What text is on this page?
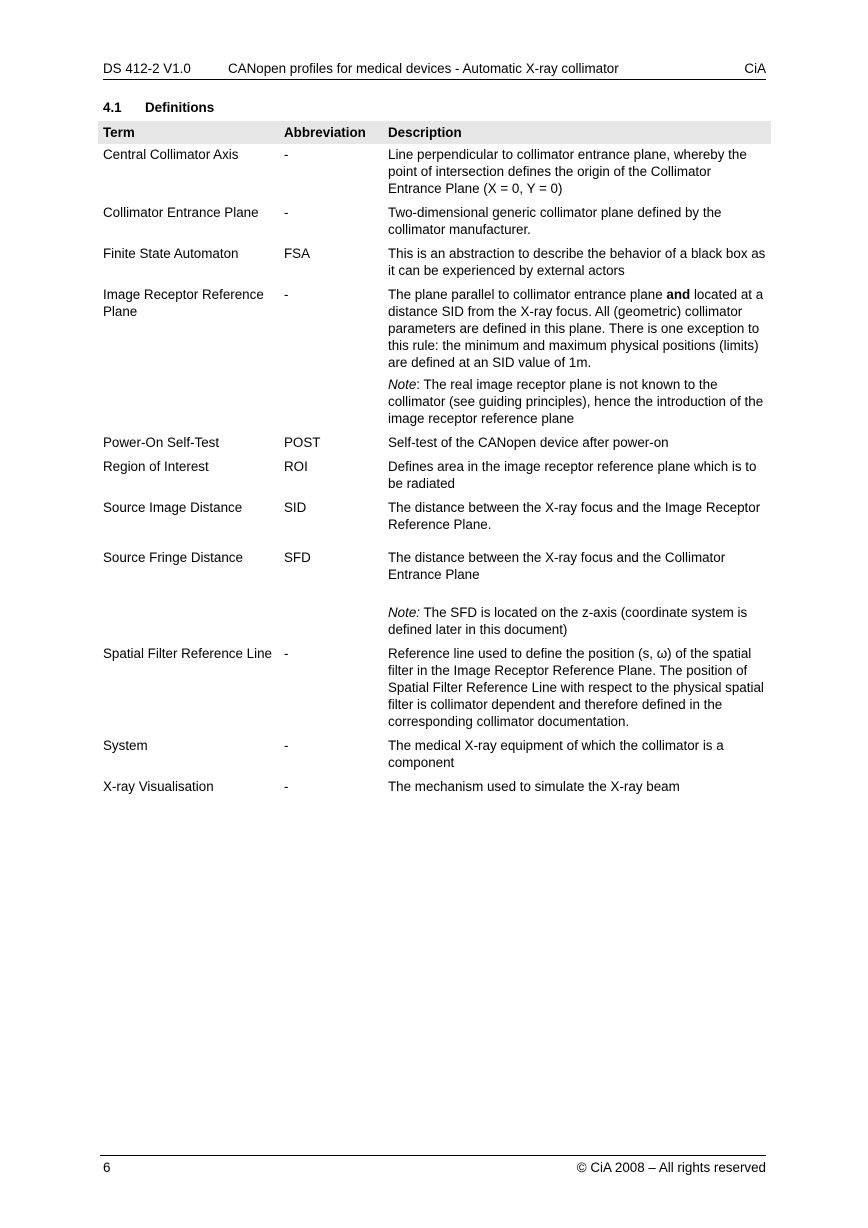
DS 412-2 V1.0	CANopen profiles for medical devices - Automatic X-ray collimator	CiA
4.1 Definitions
Term	Abbreviation	Description
Central Collimator Axis	-	Line perpendicular to collimator entrance plane, whereby the point of intersection defines the origin of the Collimator Entrance Plane (X = 0, Y = 0)
Collimator Entrance Plane	-	Two-dimensional generic collimator plane defined by the collimator manufacturer.
Finite State Automaton	FSA	This is an abstraction to describe the behavior of a black box as it can be experienced by external actors
Image Receptor Reference Plane	-	The plane parallel to collimator entrance plane and located at a distance SID from the X-ray focus. All (geometric) collimator parameters are defined in this plane. There is one exception to this rule: the minimum and maximum physical positions (limits) are defined at an SID value of 1m.

Note: The real image receptor plane is not known to the collimator (see guiding principles), hence the introduction of the image receptor reference plane

Power-On Self-Test	POST	Self-test of the CANopen device after power-on
Region of Interest	ROI	Defines area in the image receptor reference plane which is to be radiated
Source Image Distance	SID	The distance between the X-ray focus and the Image Receptor Reference Plane.

Source Fringe Distance	SFD	The distance between the X-ray focus and the Collimator Entrance Plane

Note: The SFD is located on the z-axis (coordinate system is defined later in this document)

Spatial Filter Reference Line	-	Reference line used to define the position (s, ω) of the spatial filter in the Image Receptor Reference Plane. The position of Spatial Filter Reference Line with respect to the physical spatial filter is collimator dependent and therefore defined in the corresponding collimator documentation.
System	-	The medical X-ray equipment of which the collimator is a component
X-ray Visualisation	-	The mechanism used to simulate the X-ray beam
6	© CiA 2008 – All rights reserved
